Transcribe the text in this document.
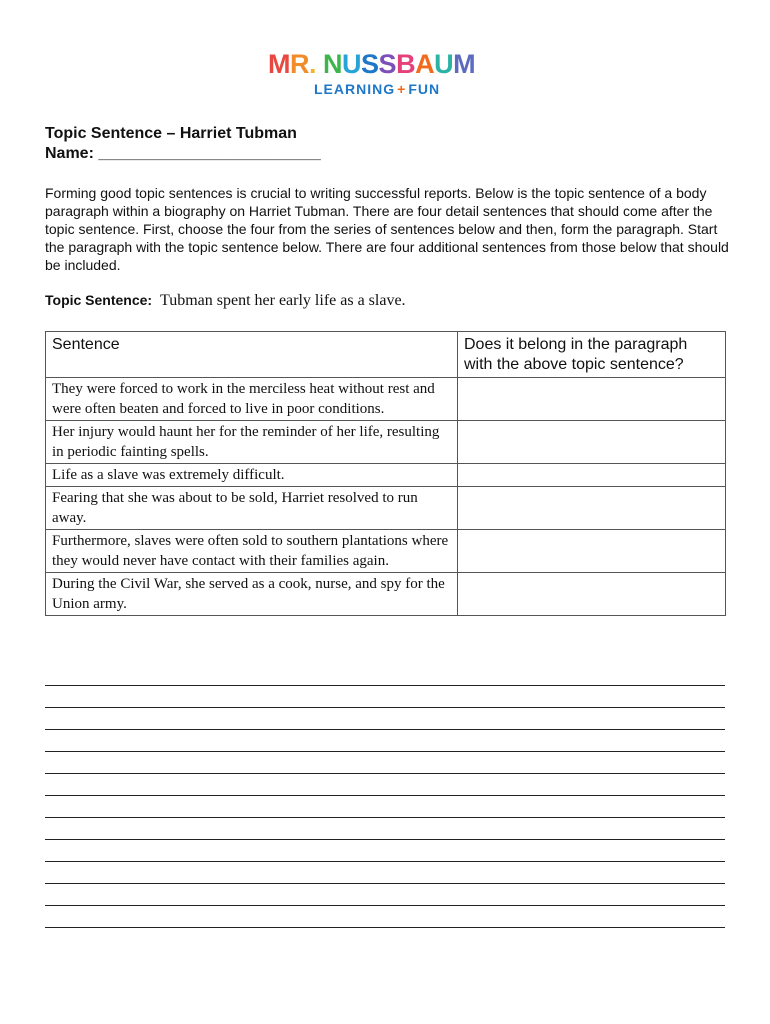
MR. NUSSBAUM
LEARNING + FUN
Topic Sentence – Harriet Tubman
Name: _________________________
Forming good topic sentences is crucial to writing successful reports. Below is the topic sentence of a body paragraph within a biography on Harriet Tubman. There are four detail sentences that should come after the topic sentence. First, choose the four from the series of sentences below and then, form the paragraph. Start the paragraph with the topic sentence below. There are four additional sentences from those below that should be included.
Topic Sentence: Tubman spent her early life as a slave.
Sentence	Does it belong in the paragraph with the above topic sentence?
They were forced to work in the merciless heat without rest and were often beaten and forced to live in poor conditions.	
Her injury would haunt her for the reminder of her life, resulting in periodic fainting spells.	
Life as a slave was extremely difficult.	
Fearing that she was about to be sold, Harriet resolved to run away.	
Furthermore, slaves were often sold to southern plantations where they would never have contact with their families again.	
During the Civil War, she served as a cook, nurse, and spy for the Union army.	
